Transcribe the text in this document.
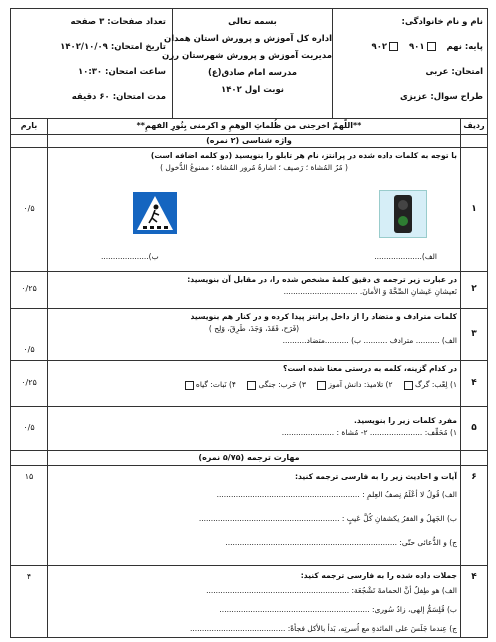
نام و نام خانوادگی:
پایه: نهم   ۹۰۱   ۹۰۲
امتحان: عربی
طراح سوال: عزیزی
بسمه تعالی
اداره کل آموزش و پرورش استان همدان
مدیریت آموزش و پرورش شهرستان رزن
مدرسه امام صادق(ع)
نوبت اول ۱۴۰۲
تعداد صفحات: ۳ صفحه
تاریخ امتحان: ۱۴۰۲/۱۰/۰۹
ساعت امتحان: ۱۰:۳۰
مدت امتحان: ۶۰ دقیقه
ردیف
**اللّهمّ اخرجنی من ظُلماتِ الوهمِ و اکرمنی بِنُورِ الفهمِ**
بارم
واژه شناسی (۲ نمره)
۱
۰/۵
با توجه به کلمات داده شده در پرانتز، نام هر تابلو را بنویسید (دو کلمه اضافه است)
( مُرُ المُشاة ؛ رَصیف ؛ اشارةُ مُرور المُشاة ؛ ممنوعُ الدُّخول )
الف)....................
ب)....................
۲
۰/۲۵
در عبارت زیر ترجمه ی دقیق کلمهٔ مشخص شده را، در مقابل آن بنویسید:
نَعیشانِ عَیشانِ الصِّحَّةَ وَ الأمانَ. ...............................
۳
۰/۵
کلمات مترادف و متضاد را از داخل پرانتز پیدا کرده و در کنار هم بنویسید
(فَرَح، فَقَدَ، وَجَدَ، طَرِقَ، وَلِح )
الف) .......... مترادف .......... ب) ..........متضاد..........
۴
۰/۲۵
در کدام گزینه، کلمه به درستی معنا شده است؟
۱) لِعْب: گرگ    ۲) تلامیذ: دانش آموز    ۳) حَرب: جنگی    ۴) نَبات: گیاه
۵
۰/۵
مفرد کلمات زیر را بنویسید.
۱) مُحَقِّف: ...................... ۲- مُشاة : ......................
مهارت ترجمه (۵/۷۵ نمره)
۶
۱۵	آیات و احادیث زیر را به فارسی ترجمه کنید:
الف) قُولُ لا أعْلَمُ نِصفُ العِلمِ : ............................................................
ب) الجَهلُ و الفقرُ یکشفانِ کُلَّ عَیبٍ : ...........................................................
ج) و الدُّعائی حتّی: ........................................................................
۴
۴	جملات داده شده را به فارسی ترجمه کنید:
الف) هو طِفلٌ أنَّ الحمامةَ تَشْجُعَة: ............................................................
ب) قُلِسَمُّ إلهی، زادُ سُوری: ...............................................................
ج) عِندما جَلَسَ علی المائدةِ مع اُسرتِه، بَدأ بالأکل فجأةً: ........................................
